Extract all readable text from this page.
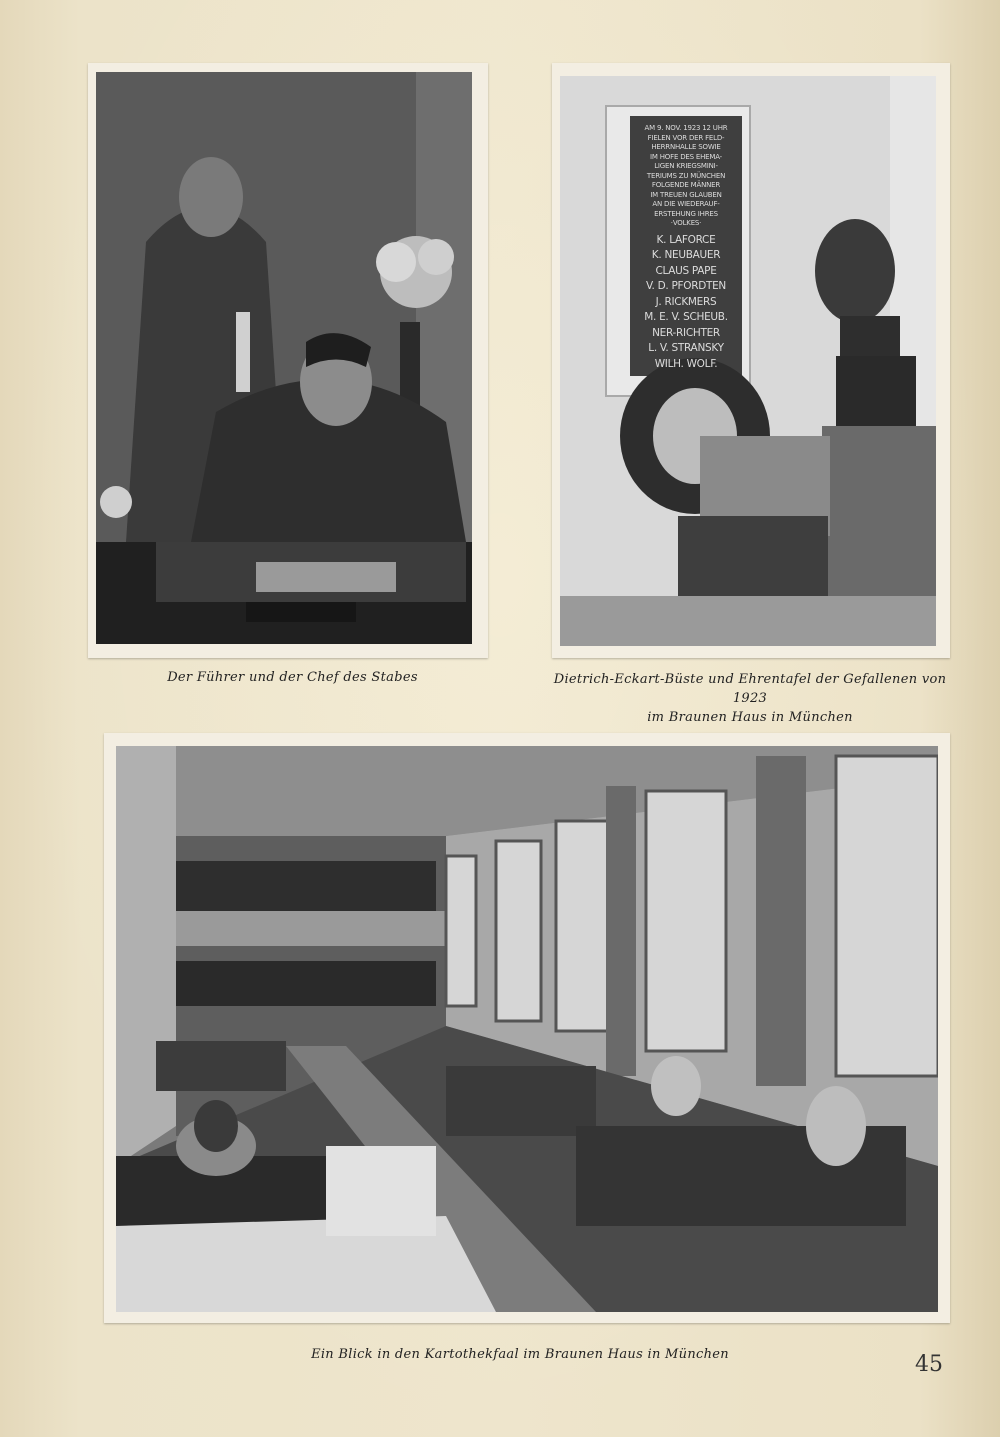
Der Führer und der Chef des Stabes
AM 9. NOV. 1923 12 UHR
FIELEN VOR DER FELD-
HERRNHALLE SOWIE
IM HOFE DES EHEMA-
LIGEN KRIEGSMINI-
TERIUMS ZU MÜNCHEN
FOLGENDE MÄNNER
IM TREUEN GLAUBEN
AN DIE WIEDERAUF-
ERSTEHUNG IHRES
·VOLKES·
K. LAFORCE
K. NEUBAUER
CLAUS PAPE
V. D. PFORDTEN
J. RICKMERS
M. E. V. SCHEUB.
NER-RICHTER
L. V. STRANSKY
WILH. WOLF.
Dietrich-Eckart-Büste und Ehrentafel der Gefallenen von 1923
im Braunen Haus in München
Ein Blick in den Kartothekfaal im Braunen Haus in München	45
